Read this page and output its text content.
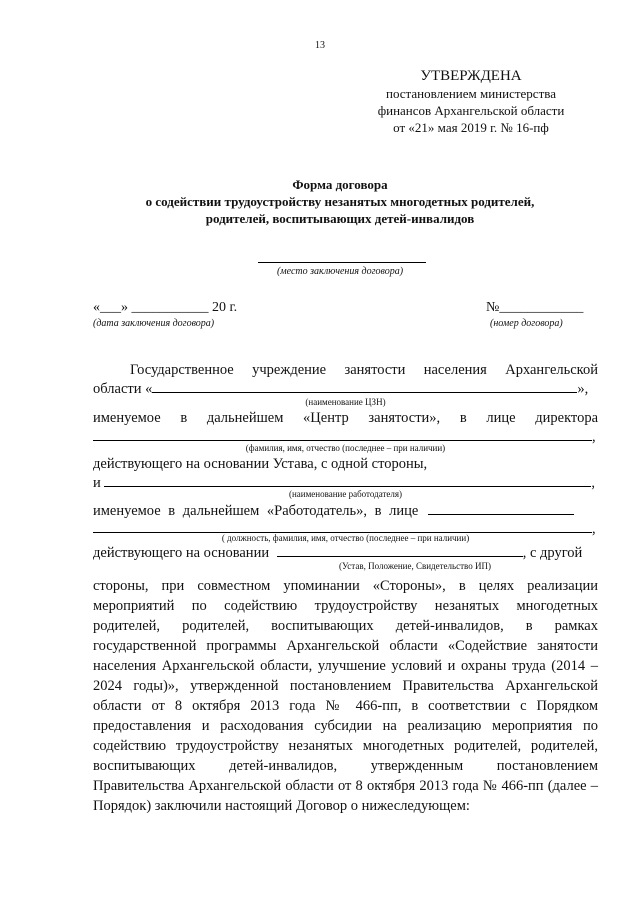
13
УТВЕРЖДЕНА
постановлением министерства
финансов Архангельской области
от «21» мая 2019 г. № 16-пф
Форма договора
о содействии трудоустройству незанятых многодетных родителей,
родителей, воспитывающих детей-инвалидов
(место заключения договора)
«___» ___________ 20 г.	№____________
(дата заключения договора)	(номер договора)
Государственное учреждение занятости населения Архангельской
области «	»,
(наименование ЦЗН)
именуемое в дальнейшем «Центр занятости», в лице директора
,
(фамилия, имя, отчество (последнее – при наличии)
действующего на основании Устава, с одной стороны,
и	,
(наименование работодателя)
именуемое в дальнейшем «Работодатель», в лице
,
( должность, фамилия, имя, отчество (последнее – при наличии)
действующего на основании	, с другой
(Устав, Положение, Свидетельство ИП)
стороны, при совместном упоминании «Стороны», в целях реализации мероприятий по содействию трудоустройству незанятых многодетных родителей, родителей, воспитывающих детей-инвалидов, в рамках государственной программы Архангельской области «Содействие занятости населения Архангельской области, улучшение условий и охраны труда (2014 – 2024 годы)», утвержденной постановлением Правительства Архангельской области от 8 октября 2013 года № 466-пп, в соответствии с Порядком предоставления и расходования субсидии на реализацию мероприятия по содействию трудоустройству незанятых многодетных родителей, родителей, воспитывающих детей-инвалидов, утвержденным постановлением Правительства Архангельской области от 8 октября 2013 года № 466-пп (далее – Порядок) заключили настоящий Договор о нижеследующем:
